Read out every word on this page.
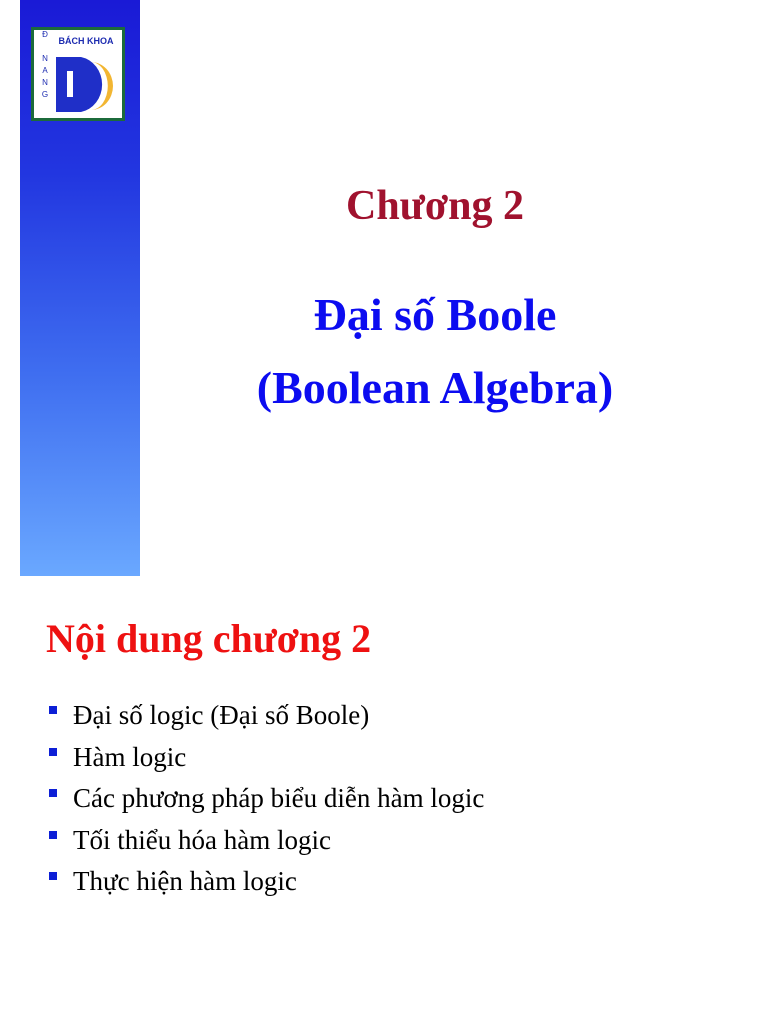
BÁCH KHOA
Đ
N
A
N
G
Chương 2
Đại số Boole
(Boolean Algebra)
Nội dung chương 2
Đại số logic (Đại số Boole)
Hàm logic
Các phương pháp biểu diễn hàm logic
Tối thiểu hóa hàm logic
Thực hiện hàm logic
